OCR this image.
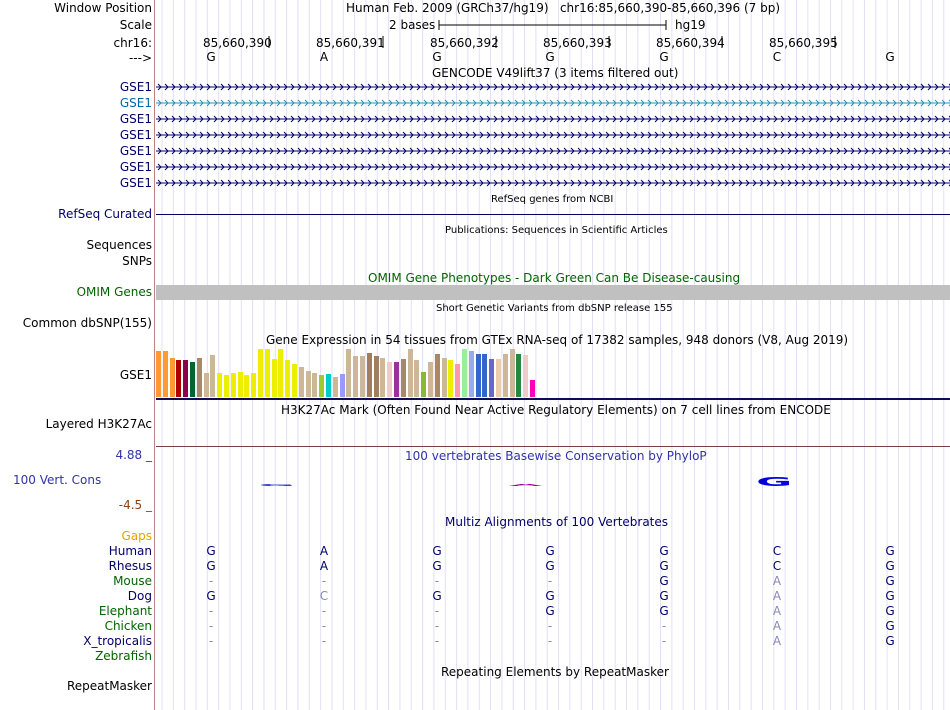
Window Position	Human Feb. 2009 (GRCh37/hg19)   chr16:85,660,390-85,660,396 (7 bp)
Scale	2 bases	hg19
chr16:	85,660,390	85,660,391	85,660,392	85,660,393	85,660,394	85,660,395
--->	G	A	G	G	G	C	G
GENCODE V49lift37 (3 items filtered out)
GSE1
GSE1
GSE1
GSE1
GSE1
GSE1
GSE1
RefSeq genes from NCBI
RefSeq Curated
Publications: Sequences in Scientific Articles
Sequences
SNPs
OMIM Gene Phenotypes - Dark Green Can Be Disease-causing
OMIM Genes
Short Genetic Variants from dbSNP release 155
Common dbSNP(155)
Gene Expression in 54 tissues from GTEx RNA-seq of 17382 samples, 948 donors (V8, Aug 2019)
GSE1
H3K27Ac Mark (Often Found Near Active Regulatory Elements) on 7 cell lines from ENCODE
Layered H3K27Ac
4.88 _	100 vertebrates Basewise Conservation by PhyloP
100 Vert. Cons
-4.5 _
G	A	G
Multiz Alignments of 100 Vertebrates
Gaps
Human	G	A	G	G	G	C	G
Rhesus	G	A	G	G	G	C	G
Mouse	-	-	-	-	G	A	G
Dog	G	C	G	G	G	A	G
Elephant	-	-	-	G	G	A	G
Chicken	-	-	-	-	-	A	G
X_tropicalis	-	-	-	-	-	A	G
Zebrafish
Repeating Elements by RepeatMasker
RepeatMasker
